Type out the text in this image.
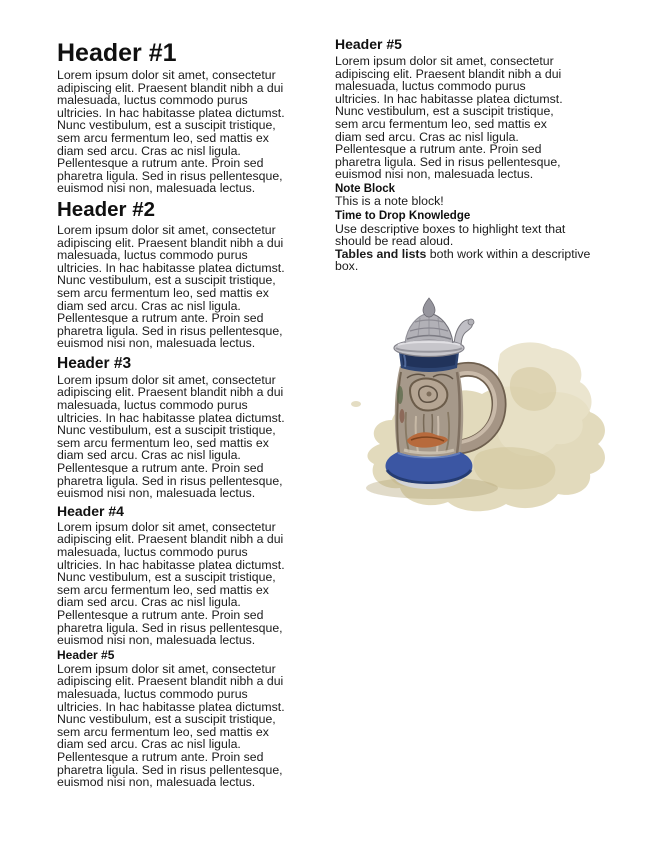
Header #1

Lorem ipsum dolor sit amet, consectetur
adipiscing elit. Praesent blandit nibh a dui
malesuada, luctus commodo purus
ultricies. In hac habitasse platea dictumst.
Nunc vestibulum, est a suscipit tristique,
sem arcu fermentum leo, sed mattis ex
diam sed arcu. Cras ac nisl ligula.
Pellentesque a rutrum ante. Proin sed
pharetra ligula. Sed in risus pellentesque,
euismod nisi non, malesuada lectus.

Header #2

Lorem ipsum dolor sit amet, consectetur
adipiscing elit. Praesent blandit nibh a dui
malesuada, luctus commodo purus
ultricies. In hac habitasse platea dictumst.
Nunc vestibulum, est a suscipit tristique,
sem arcu fermentum leo, sed mattis ex
diam sed arcu. Cras ac nisl ligula.
Pellentesque a rutrum ante. Proin sed
pharetra ligula. Sed in risus pellentesque,
euismod nisi non, malesuada lectus.

Header #3

Lorem ipsum dolor sit amet, consectetur
adipiscing elit. Praesent blandit nibh a dui
malesuada, luctus commodo purus
ultricies. In hac habitasse platea dictumst.
Nunc vestibulum, est a suscipit tristique,
sem arcu fermentum leo, sed mattis ex
diam sed arcu. Cras ac nisl ligula.
Pellentesque a rutrum ante. Proin sed
pharetra ligula. Sed in risus pellentesque,
euismod nisi non, malesuada lectus.

Header #4

Lorem ipsum dolor sit amet, consectetur
adipiscing elit. Praesent blandit nibh a dui
malesuada, luctus commodo purus
ultricies. In hac habitasse platea dictumst.
Nunc vestibulum, est a suscipit tristique,
sem arcu fermentum leo, sed mattis ex
diam sed arcu. Cras ac nisl ligula.
Pellentesque a rutrum ante. Proin sed
pharetra ligula. Sed in risus pellentesque,
euismod nisi non, malesuada lectus.

Header #5

Lorem ipsum dolor sit amet, consectetur
adipiscing elit. Praesent blandit nibh a dui
malesuada, luctus commodo purus
ultricies. In hac habitasse platea dictumst.
Nunc vestibulum, est a suscipit tristique,
sem arcu fermentum leo, sed mattis ex
diam sed arcu. Cras ac nisl ligula.
Pellentesque a rutrum ante. Proin sed
pharetra ligula. Sed in risus pellentesque,
euismod nisi non, malesuada lectus.

Header #5

Lorem ipsum dolor sit amet, consectetur
adipiscing elit. Praesent blandit nibh a dui
malesuada, luctus commodo purus
ultricies. In hac habitasse platea dictumst.
Nunc vestibulum, est a suscipit tristique,
sem arcu fermentum leo, sed mattis ex
diam sed arcu. Cras ac nisl ligula.
Pellentesque a rutrum ante. Proin sed
pharetra ligula. Sed in risus pellentesque,
euismod nisi non, malesuada lectus.

Note Block

This is a note block!

Time to Drop Knowledge

Use descriptive boxes to highlight text that
should be read aloud.

Tables and lists both work within a descriptive box.
